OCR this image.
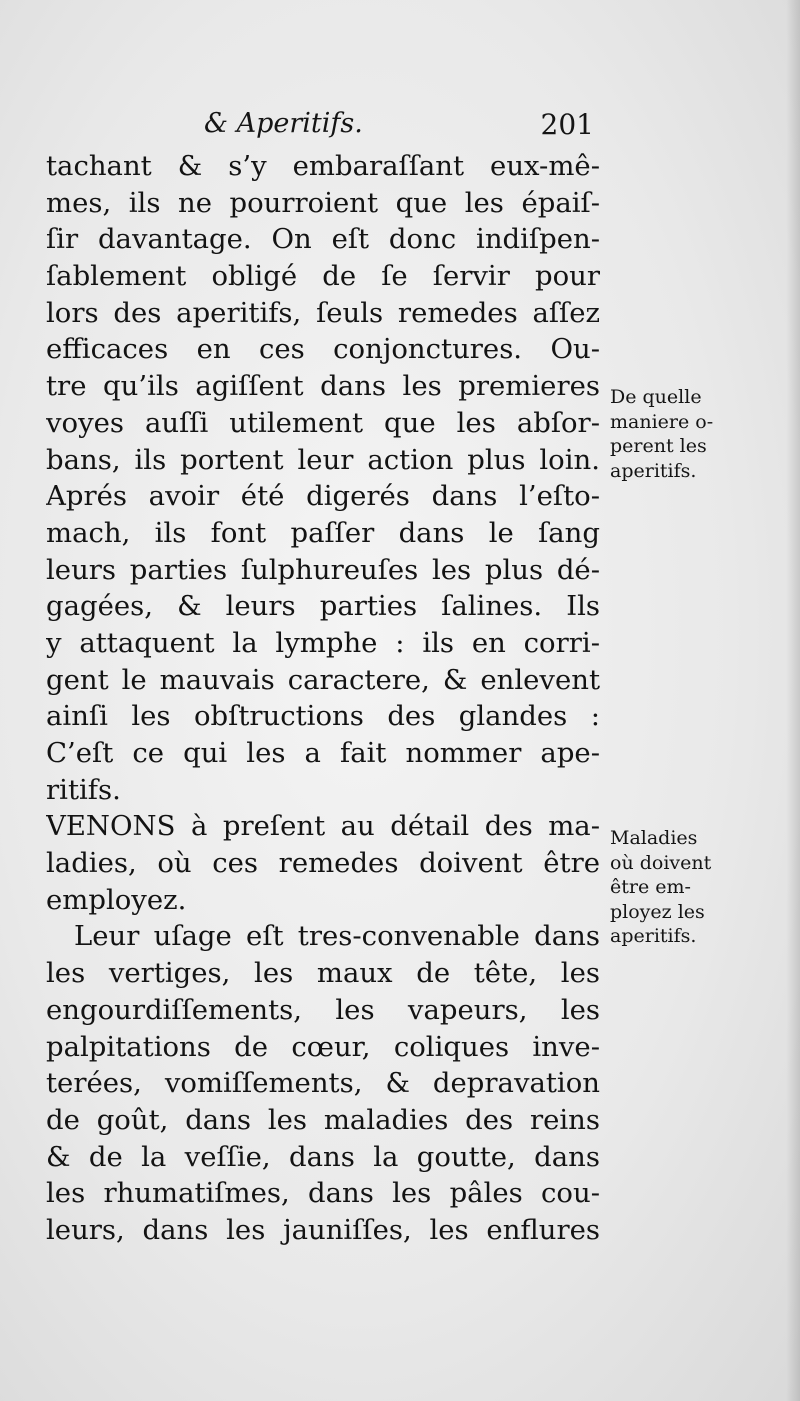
& Aperitifs.	201
tachant & s’y embaraſſant eux-mê-
mes, ils ne pourroient que les épaiſ-
ſir davantage. On eſt donc indiſpen-
ſablement obligé de ſe ſervir pour
lors des aperitifs, ſeuls remedes aſſez
efficaces en ces conjonctures. Ou-
tre qu’ils agiſſent dans les premieres
voyes auſſi utilement que les abſor-
bans, ils portent leur action plus loin.
Aprés avoir été digerés dans l’eſto-
mach, ils font paſſer dans le ſang
leurs parties ſulphureuſes les plus dé-
gagées, & leurs parties ſalines. Ils
y attaquent la lymphe : ils en corri-
gent le mauvais caractere, & enlevent
ainſi les obſtructions des glandes :
C’eſt ce qui les a fait nommer ape-
ritifs.
VENONS à preſent au détail des ma-
ladies, où ces remedes doivent être
employez.
Leur uſage eſt tres-convenable dans
les vertiges, les maux de tête, les
engourdiſſements, les vapeurs, les
palpitations de cœur, coliques inve-
terées, vomiſſements, & depravation
de goût, dans les maladies des reins
& de la veſſie, dans la goutte, dans
les rhumatiſmes, dans les pâles cou-
leurs, dans les jauniſſes, les enflures
De quelle
maniere o-
perent les
aperitifs.
Maladies
où doivent
être em-
ployez les
aperitifs.
